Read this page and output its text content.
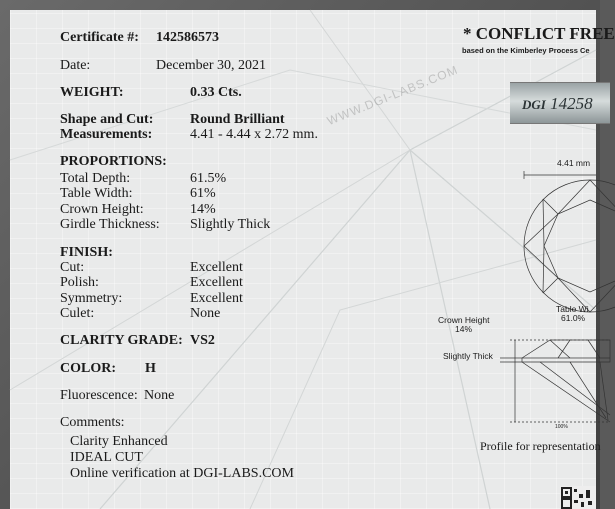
WWW.DGI-LABS.COM
Certificate #: 142586573
Date:	December 30, 2021
WEIGHT:	0.33 Cts.
Shape and Cut:	Round Brilliant
Measurements:	4.41 - 4.44 x 2.72 mm.
PROPORTIONS:
Total Depth:	61.5%
Table Width:	61%
Crown Height:	14%
Girdle Thickness: Slightly Thick
FINISH:
Cut:	Excellent
Polish:	Excellent
Symmetry:	Excellent
Culet:	None
CLARITY GRADE: VS2
COLOR: H
Fluorescence: None
Comments:
Clarity Enhanced
IDEAL CUT
Online verification at DGI-LABS.COM
* CONFLICT FREE
based on the Kimberley Process Ce
DGI 14258
4.41 mm
Table Wi
61.0%
Crown Height
14%
Slightly Thick
100%
Profile for representation
